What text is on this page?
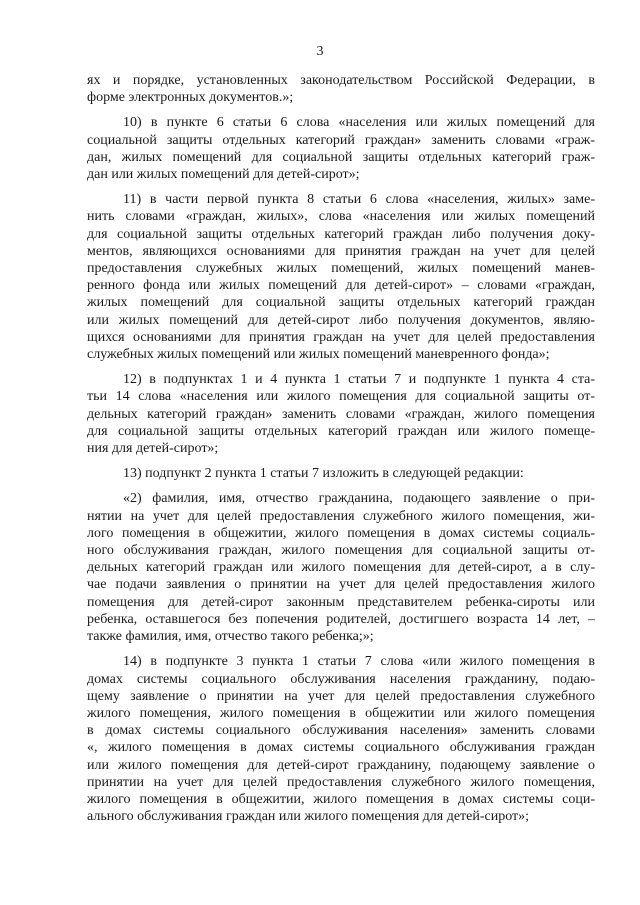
3
ях и порядке, установленных законодательством Российской Федерации, в
форме электронных документов.»;
10) в пункте 6 статьи 6 слова «населения или жилых помещений для
социальной защиты отдельных категорий граждан» заменить словами «граж-
дан, жилых помещений для социальной защиты отдельных категорий граж-
дан или жилых помещений для детей-сирот»;
11) в части первой пункта 8 статьи 6 слова «населения, жилых» заме-
нить словами «граждан, жилых», слова «населения или жилых помещений
для социальной защиты отдельных категорий граждан либо получения доку-
ментов, являющихся основаниями для принятия граждан на учет для целей
предоставления служебных жилых помещений, жилых помещений манев-
ренного фонда или жилых помещений для детей-сирот» – словами «граждан,
жилых помещений для социальной защиты отдельных категорий граждан
или жилых помещений для детей-сирот либо получения документов, являю-
щихся основаниями для принятия граждан на учет для целей предоставления
служебных жилых помещений или жилых помещений маневренного фонда»;
12) в подпунктах 1 и 4 пункта 1 статьи 7 и подпункте 1 пункта 4 ста-
тьи 14 слова «населения или жилого помещения для социальной защиты от-
дельных категорий граждан» заменить словами «граждан, жилого помещения
для социальной защиты отдельных категорий граждан или жилого помеще-
ния для детей-сирот»;
13) подпункт 2 пункта 1 статьи 7 изложить в следующей редакции:
«2) фамилия, имя, отчество гражданина, подающего заявление о при-
нятии на учет для целей предоставления служебного жилого помещения, жи-
лого помещения в общежитии, жилого помещения в домах системы социаль-
ного обслуживания граждан, жилого помещения для социальной защиты от-
дельных категорий граждан или жилого помещения для детей-сирот, а в слу-
чае подачи заявления о принятии на учет для целей предоставления жилого
помещения для детей-сирот законным представителем ребенка-сироты или
ребенка, оставшегося без попечения родителей, достигшего возраста 14 лет, –
также фамилия, имя, отчество такого ребенка;»;
14) в подпункте 3 пункта 1 статьи 7 слова «или жилого помещения в
домах системы социального обслуживания населения гражданину, подаю-
щему заявление о принятии на учет для целей предоставления служебного
жилого помещения, жилого помещения в общежитии или жилого помещения
в домах системы социального обслуживания населения» заменить словами
«, жилого помещения в домах системы социального обслуживания граждан
или жилого помещения для детей-сирот гражданину, подающему заявление о
принятии на учет для целей предоставления служебного жилого помещения,
жилого помещения в общежитии, жилого помещения в домах системы соци-
ального обслуживания граждан или жилого помещения для детей-сирот»;
